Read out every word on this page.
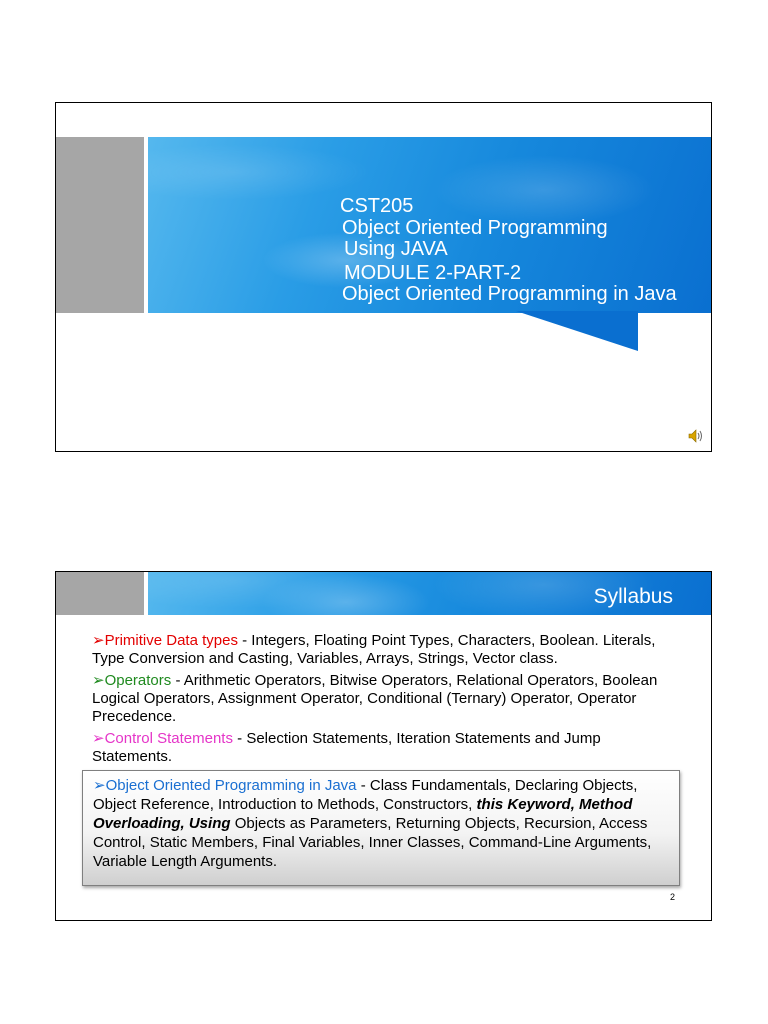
CST205
Object Oriented Programming
Using JAVA
MODULE 2-PART-2
Object Oriented Programming in Java
Syllabus

➢Primitive Data types - Integers, Floating Point Types, Characters, Boolean. Literals, Type Conversion and Casting, Variables, Arrays, Strings, Vector class.

➢Operators - Arithmetic Operators, Bitwise Operators, Relational Operators, Boolean Logical Operators, Assignment Operator, Conditional (Ternary) Operator, Operator Precedence.

➢Control Statements - Selection Statements, Iteration Statements and Jump Statements.

➢Object Oriented Programming in Java - Class Fundamentals, Declaring Objects, Object Reference, Introduction to Methods, Constructors, this Keyword, Method Overloading, Using Objects as Parameters, Returning Objects, Recursion, Access Control, Static Members, Final Variables, Inner Classes, Command-Line Arguments, Variable Length Arguments.
2
